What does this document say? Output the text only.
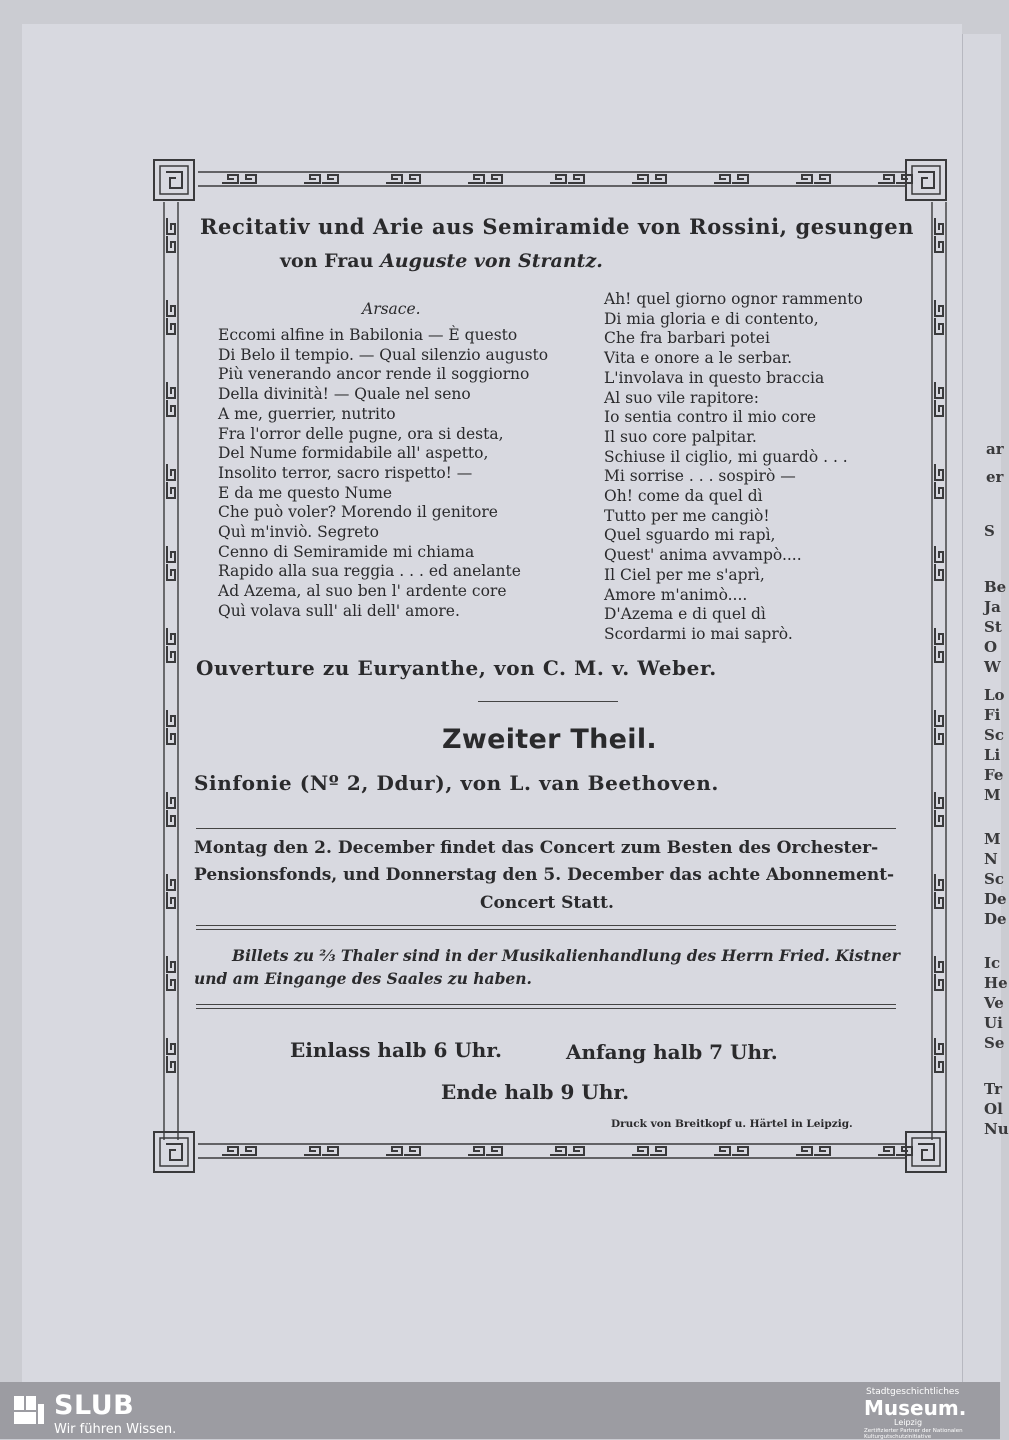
ar
er
S
Be
Ja
St
O
W
Lo
Fi
Sc
Li
Fe
M
M
N
Sc
De
De
Ic
He
Ve
Ui
Se
Tr
Ol
Nu
Recitativ und Arie aus Semiramide von Rossini, gesungen
von Frau Auguste von Strantz.
Arsace.
Eccomi alfine in Babilonia — È questo
Di Belo il tempio. — Qual silenzio augusto
Più venerando ancor rende il soggiorno
Della divinità! — Quale nel seno
A me, guerrier, nutrito
Fra l'orror delle pugne, ora si desta,
Del Nume formidabile all' aspetto,
Insolito terror, sacro rispetto! —
E da me questo Nume
Che può voler? Morendo il genitore
Quì m'inviò. Segreto
Cenno di Semiramide mi chiama
Rapido alla sua reggia . . . ed anelante
Ad Azema, al suo ben l' ardente core
Quì volava sull' ali dell' amore.
Ah! quel giorno ognor rammento
Di mia gloria e di contento,
Che fra barbari potei
Vita e onore a le serbar.
L'involava in questo braccia
Al suo vile rapitore:
Io sentia contro il mio core
Il suo core palpitar.
Schiuse il ciglio, mi guardò . . .
Mi sorrise . . . sospirò —
Oh! come da quel dì
Tutto per me cangiò!
Quel sguardo mi rapì,
Quest' anima avvampò....
Il Ciel per me s'aprì,
Amore m'animò....
D'Azema e di quel dì
Scordarmi io mai saprò.
Ouverture zu Euryanthe, von C. M. v. Weber.
Zweiter Theil.
Sinfonie (Nº 2, Ddur), von L. van Beethoven.
Montag den 2. December findet das Concert zum Besten des Orchester-
Pensionsfonds, und Donnerstag den 5. December das achte Abonnement-
Concert Statt.
Billets zu ⅔ Thaler sind in der Musikalienhandlung des Herrn Fried. Kistner
und am Eingange des Saales zu haben.
Einlass halb 6 Uhr.	Anfang halb 7 Uhr.
Ende halb 9 Uhr.
Druck von Breitkopf u. Härtel in Leipzig.
SLUB
Wir führen Wissen.
Stadtgeschichtliches
Museum.
Leipzig
Zertifizierter Partner der Nationalen Kulturgutschutzinitiative
